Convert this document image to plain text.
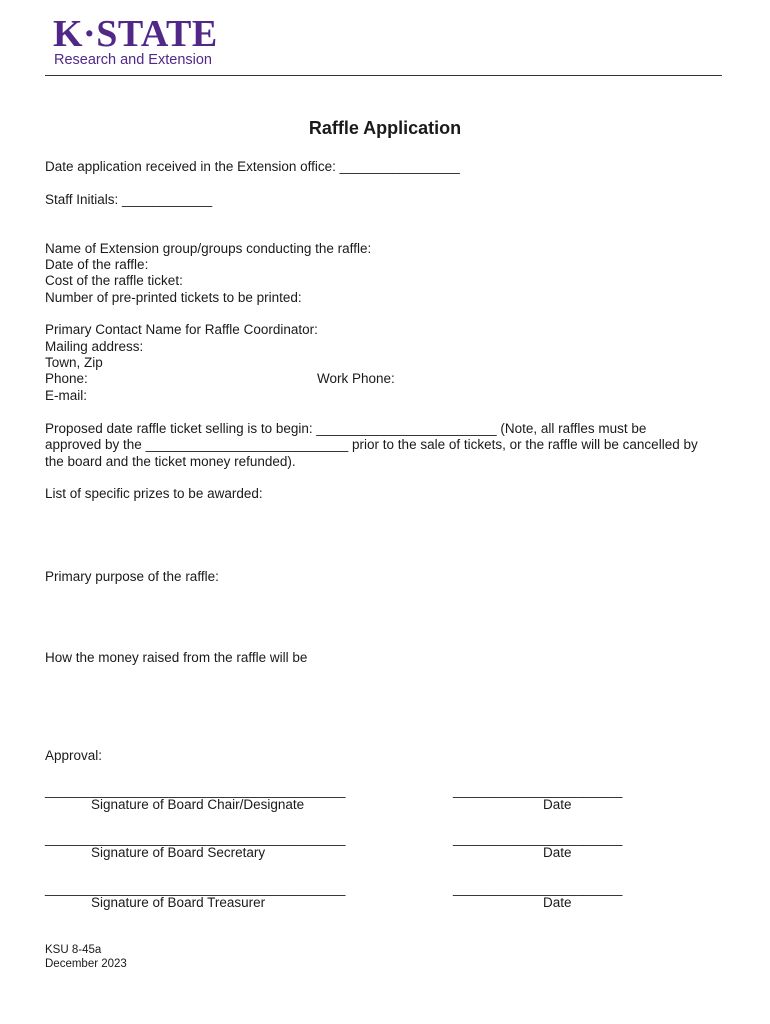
K·STATE
Research and Extension
Raffle Application
Date application received in the Extension office: ________________
Staff Initials: ____________
Name of Extension group/groups conducting the raffle:
Date of the raffle:
Cost of the raffle ticket:
Number of pre-printed tickets to be printed:
Primary Contact Name for Raffle Coordinator:
Mailing address:
Town, Zip
Phone:	Work Phone:
E-mail:
Proposed date raffle ticket selling is to begin: ________________________ (Note, all raffles must be
approved by the ___________________________ prior to the sale of tickets, or the raffle will be cancelled by
the board and the ticket money refunded).
List of specific prizes to be awarded:
Primary purpose of the raffle:
How the money raised from the raffle will be
Approval:
_______________________________________
Signature of Board Chair/Designate
______________________
Date
_______________________________________
Signature of Board Secretary
______________________
Date
_______________________________________
Signature of Board Treasurer
______________________
Date
KSU 8-45a
December 2023
